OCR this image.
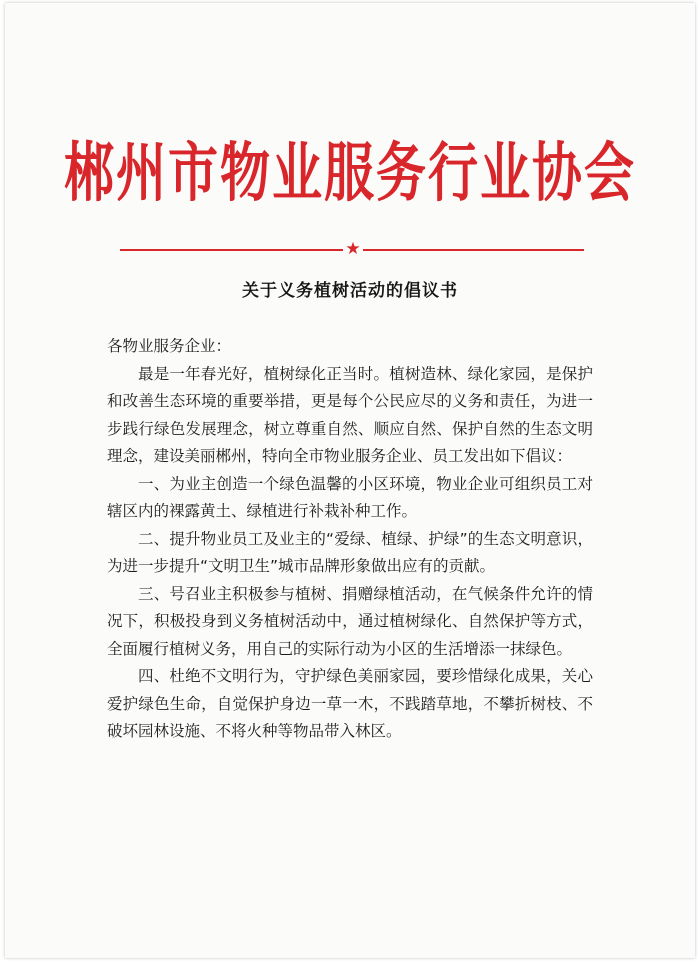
郴州市物业服务行业协会
★
关于义务植树活动的倡议书

各物业服务企业：

最是一年春光好，植树绿化正当时。植树造林、绿化家园，是保护和改善生态环境的重要举措，更是每个公民应尽的义务和责任，为进一步践行绿色发展理念，树立尊重自然、顺应自然、保护自然的生态文明理念，建设美丽郴州，特向全市物业服务企业、员工发出如下倡议：

一、为业主创造一个绿色温馨的小区环境，物业企业可组织员工对辖区内的裸露黄土、绿植进行补栽补种工作。

二、提升物业员工及业主的“爱绿、植绿、护绿”的生态文明意识，为进一步提升“文明卫生”城市品牌形象做出应有的贡献。

三、号召业主积极参与植树、捐赠绿植活动，在气候条件允许的情况下，积极投身到义务植树活动中，通过植树绿化、自然保护等方式，全面履行植树义务，用自己的实际行动为小区的生活增添一抹绿色。

四、杜绝不文明行为，守护绿色美丽家园，要珍惜绿化成果，关心爱护绿色生命，自觉保护身边一草一木，不践踏草地，不攀折树枝、不破坏园林设施、不将火种等物品带入林区。
